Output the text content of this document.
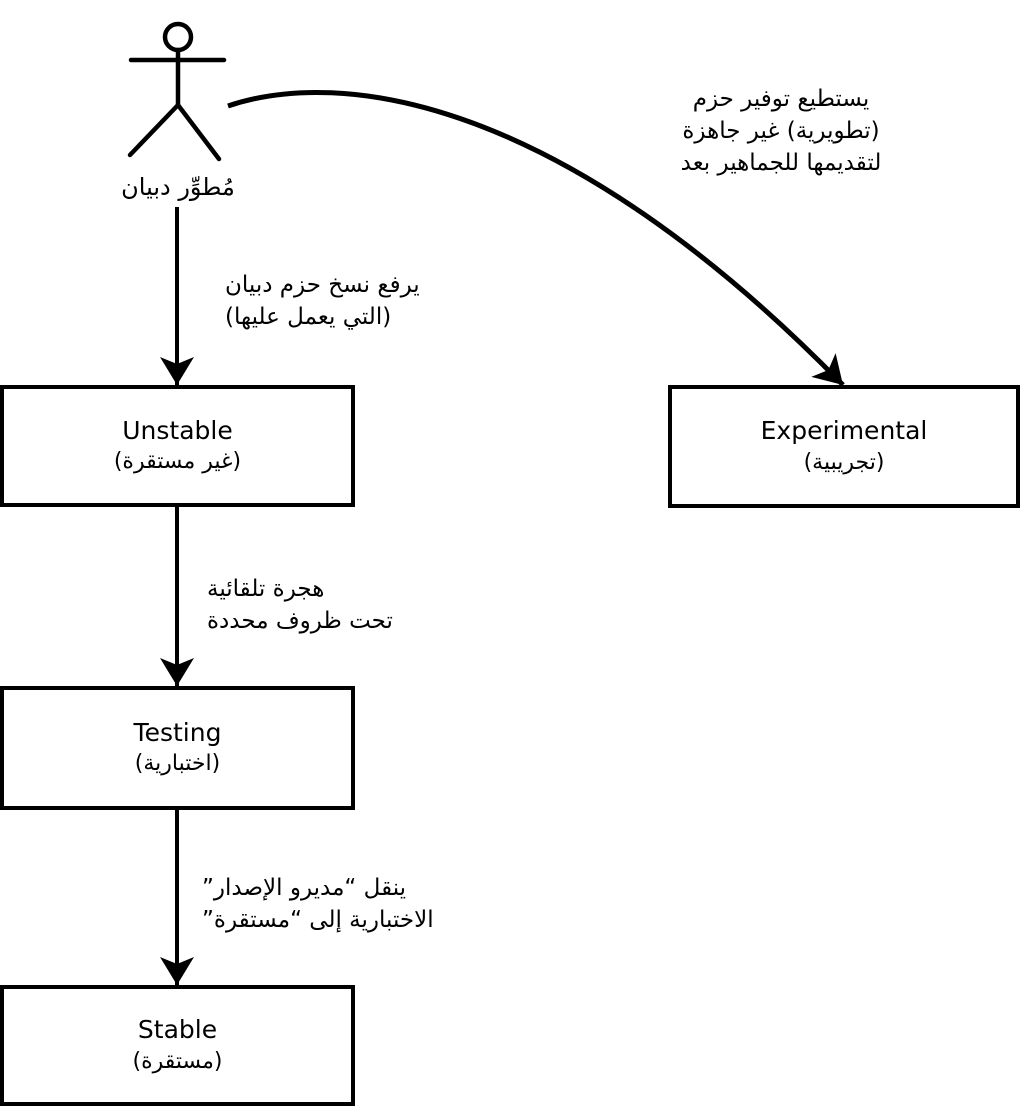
مُطوِّر دبيان
يرفع نسخ حزم دبيان
(التي يعمل عليها)
يستطيع توفير حزم
(تطويرية) غير جاهزة
لتقديمها للجماهير بعد
هجرة تلقائية
تحت ظروف محددة
ينقل “مديرو الإصدار”
الاختبارية إلى “مستقرة”
Unstable
(غير مستقرة)
Testing
(اختبارية)
Stable
(مستقرة)
Experimental
(تجريبية)
